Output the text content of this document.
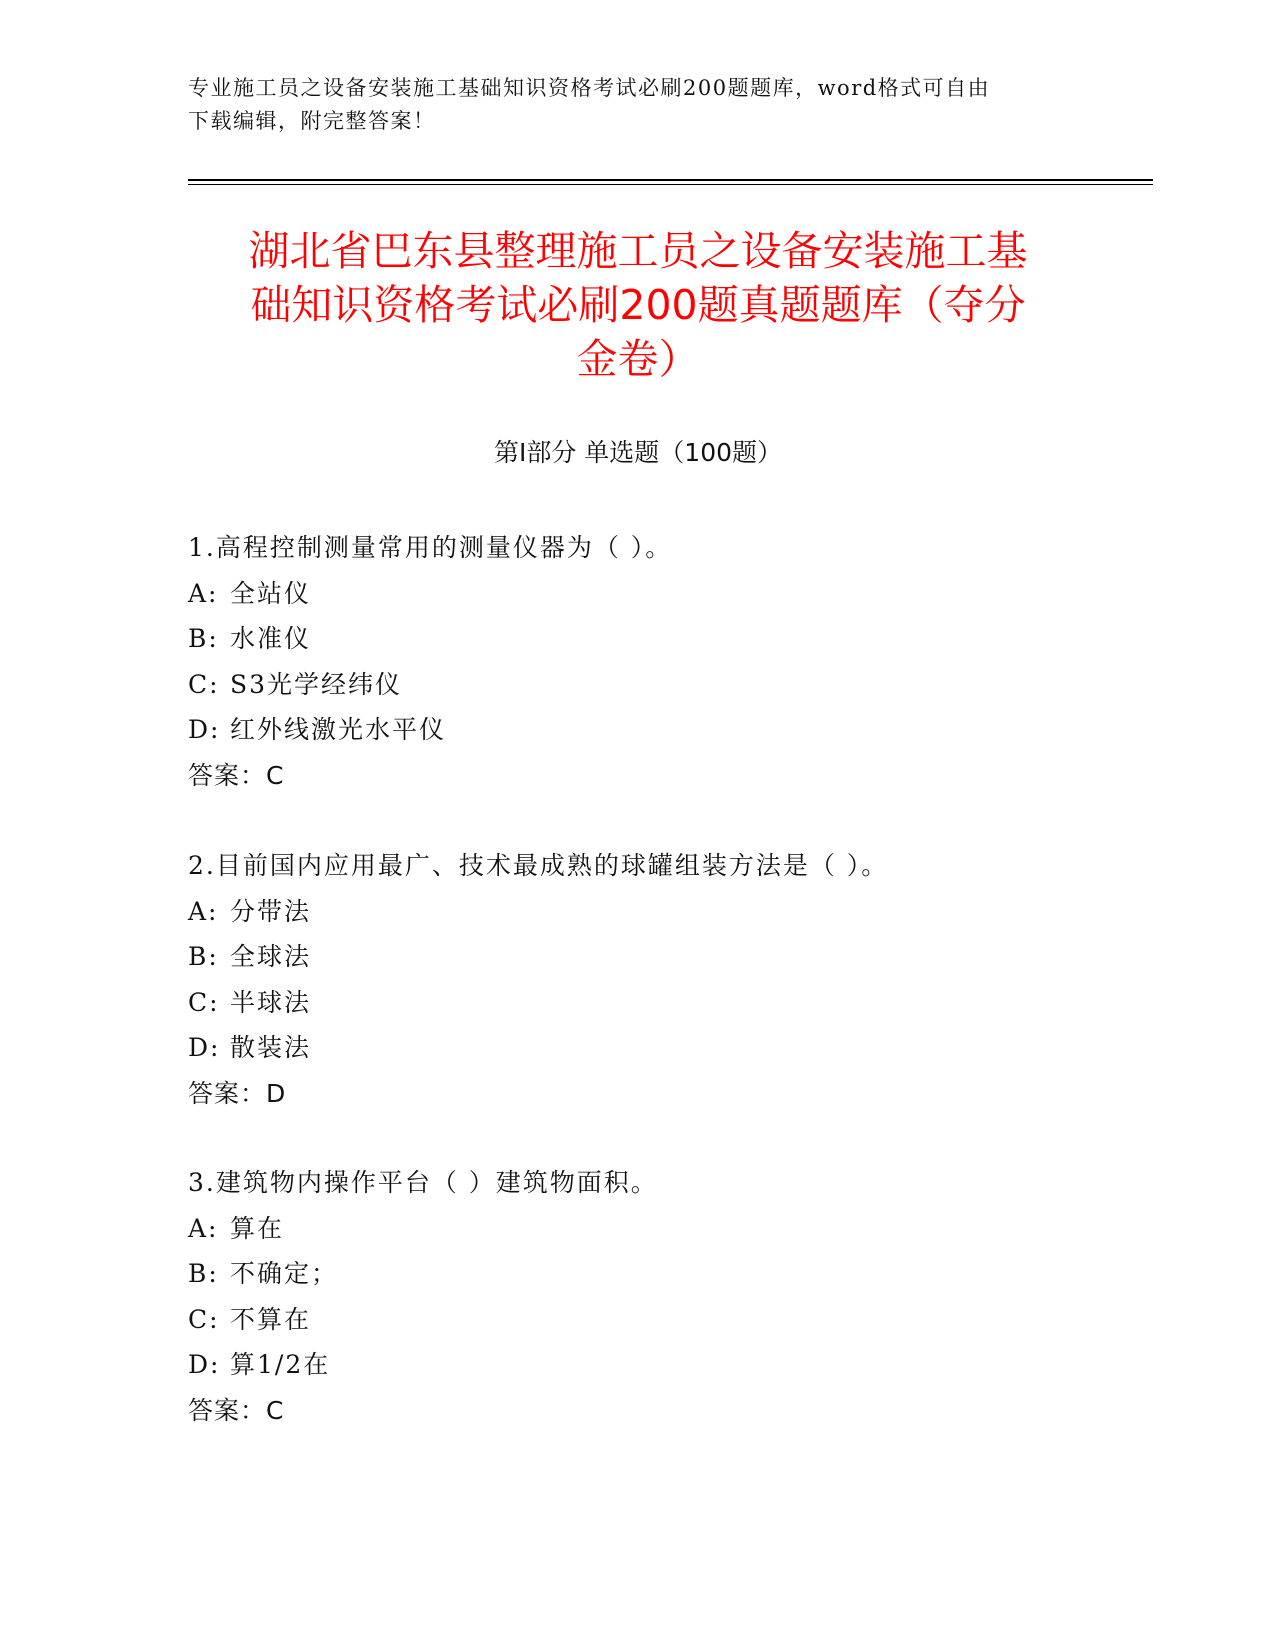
专业施工员之设备安装施工基础知识资格考试必刷200题题库，word格式可自由
下载编辑，附完整答案！
湖北省巴东县整理施工员之设备安装施工基
础知识资格考试必刷200题真题题库（夺分
金卷）
第Ⅰ部分 单选题（100题）
1.高程控制测量常用的测量仪器为（ ）。
A: 全站仪
B: 水准仪
C: S3光学经纬仪
D: 红外线激光水平仪
答案：C
2.目前国内应用最广、技术最成熟的球罐组装方法是（ ）。
A: 分带法
B: 全球法
C: 半球法
D: 散装法
答案：D
3.建筑物内操作平台（ ）建筑物面积。
A: 算在
B: 不确定；
C: 不算在
D: 算1/2在
答案：C
